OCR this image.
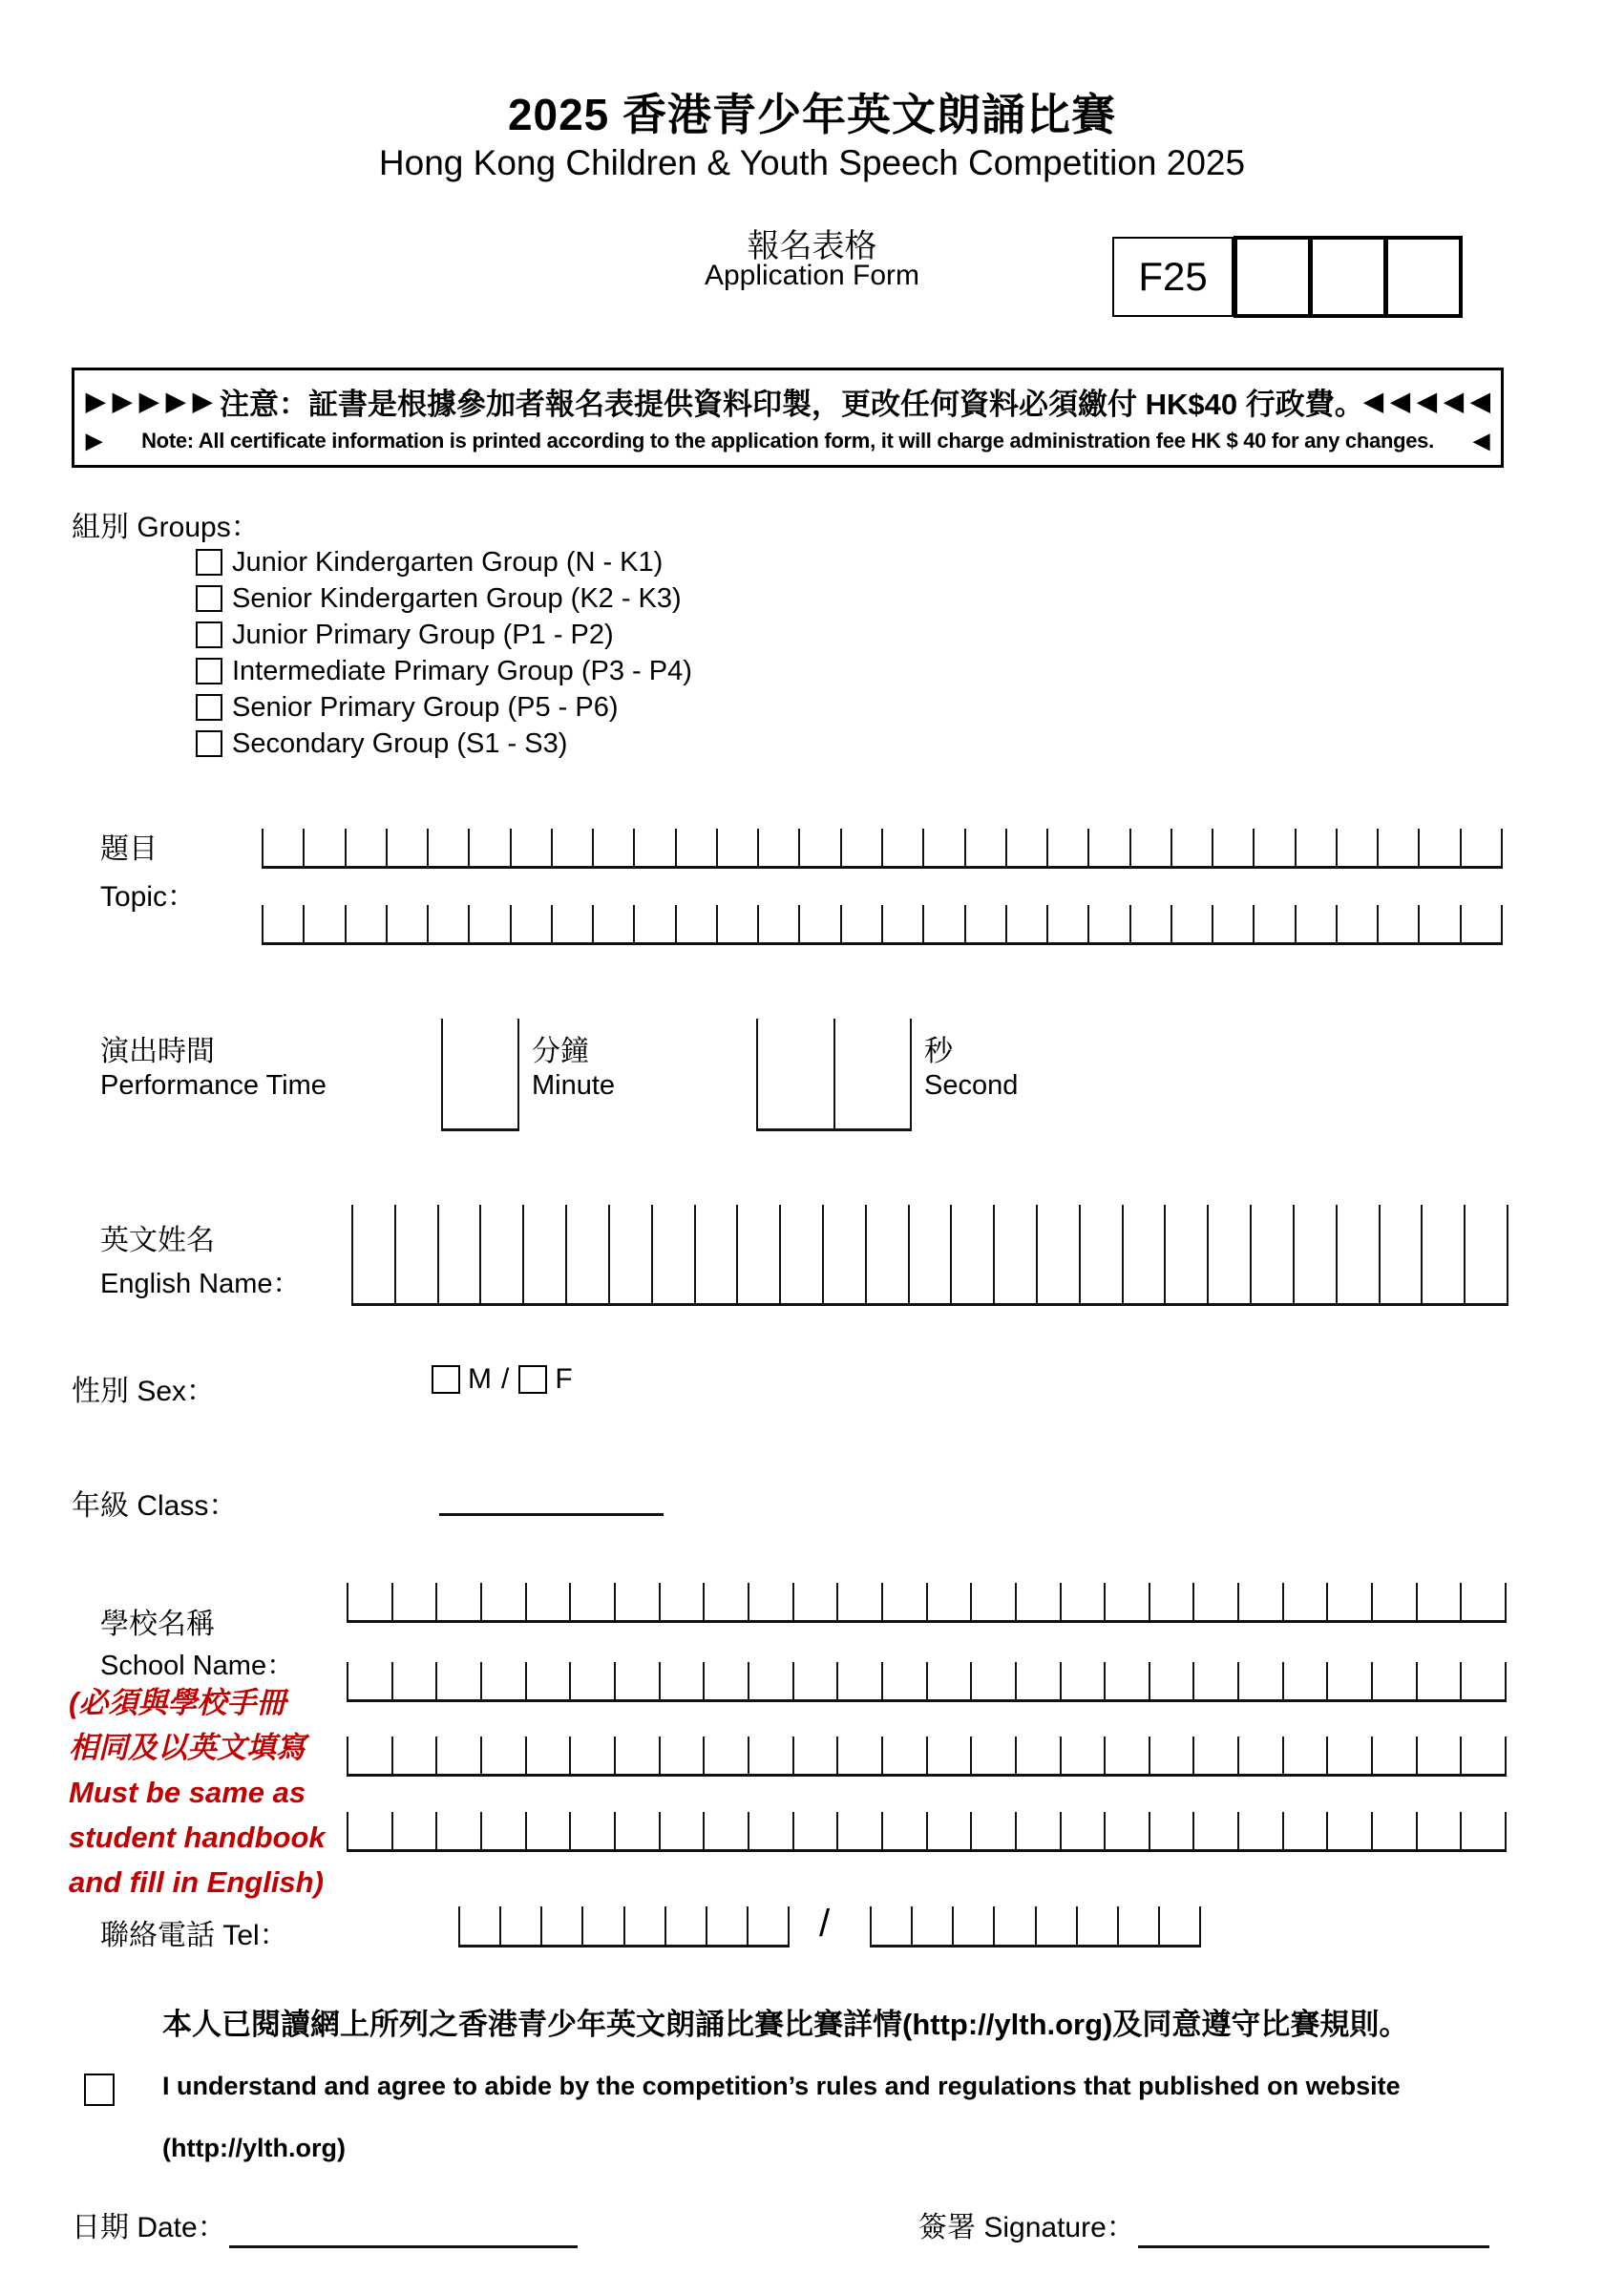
2025 香港青少年英文朗誦比賽
Hong Kong Children & Youth Speech Competition 2025
報名表格
Application Form	F25
▶▶▶▶▶ 注意：証書是根據參加者報名表提供資料印製，更改任何資料必須繳付 HK$40 行政費。 ◀◀◀◀◀
▶ Note: All certificate information is printed according to the application form, it will charge administration fee HK $ 40 for any changes. ◀
組別 Groups：
Junior Kindergarten Group (N - K1)
Senior Kindergarten Group (K2 - K3)
Junior Primary Group (P1 - P2)
Intermediate Primary Group (P3 - P4)
Senior Primary Group (P5 - P6)
Secondary Group (S1 - S3)
題目
Topic：
演出時間
Performance Time
分鐘
Minute
秒
Second
英文姓名
English Name：
性別 Sex：	M / F
年級 Class：
學校名稱
School Name：
(必須與學校手冊
相同及以英文填寫
Must be same as
student handbook
and fill in English)
聯絡電話 Tel：	/
本人已閱讀網上所列之香港青少年英文朗誦比賽比賽詳情(http://ylth.org)及同意遵守比賽規則。
I understand and agree to abide by the competition’s rules and regulations that published on website
(http://ylth.org)
日期 Date：	簽署 Signature：
